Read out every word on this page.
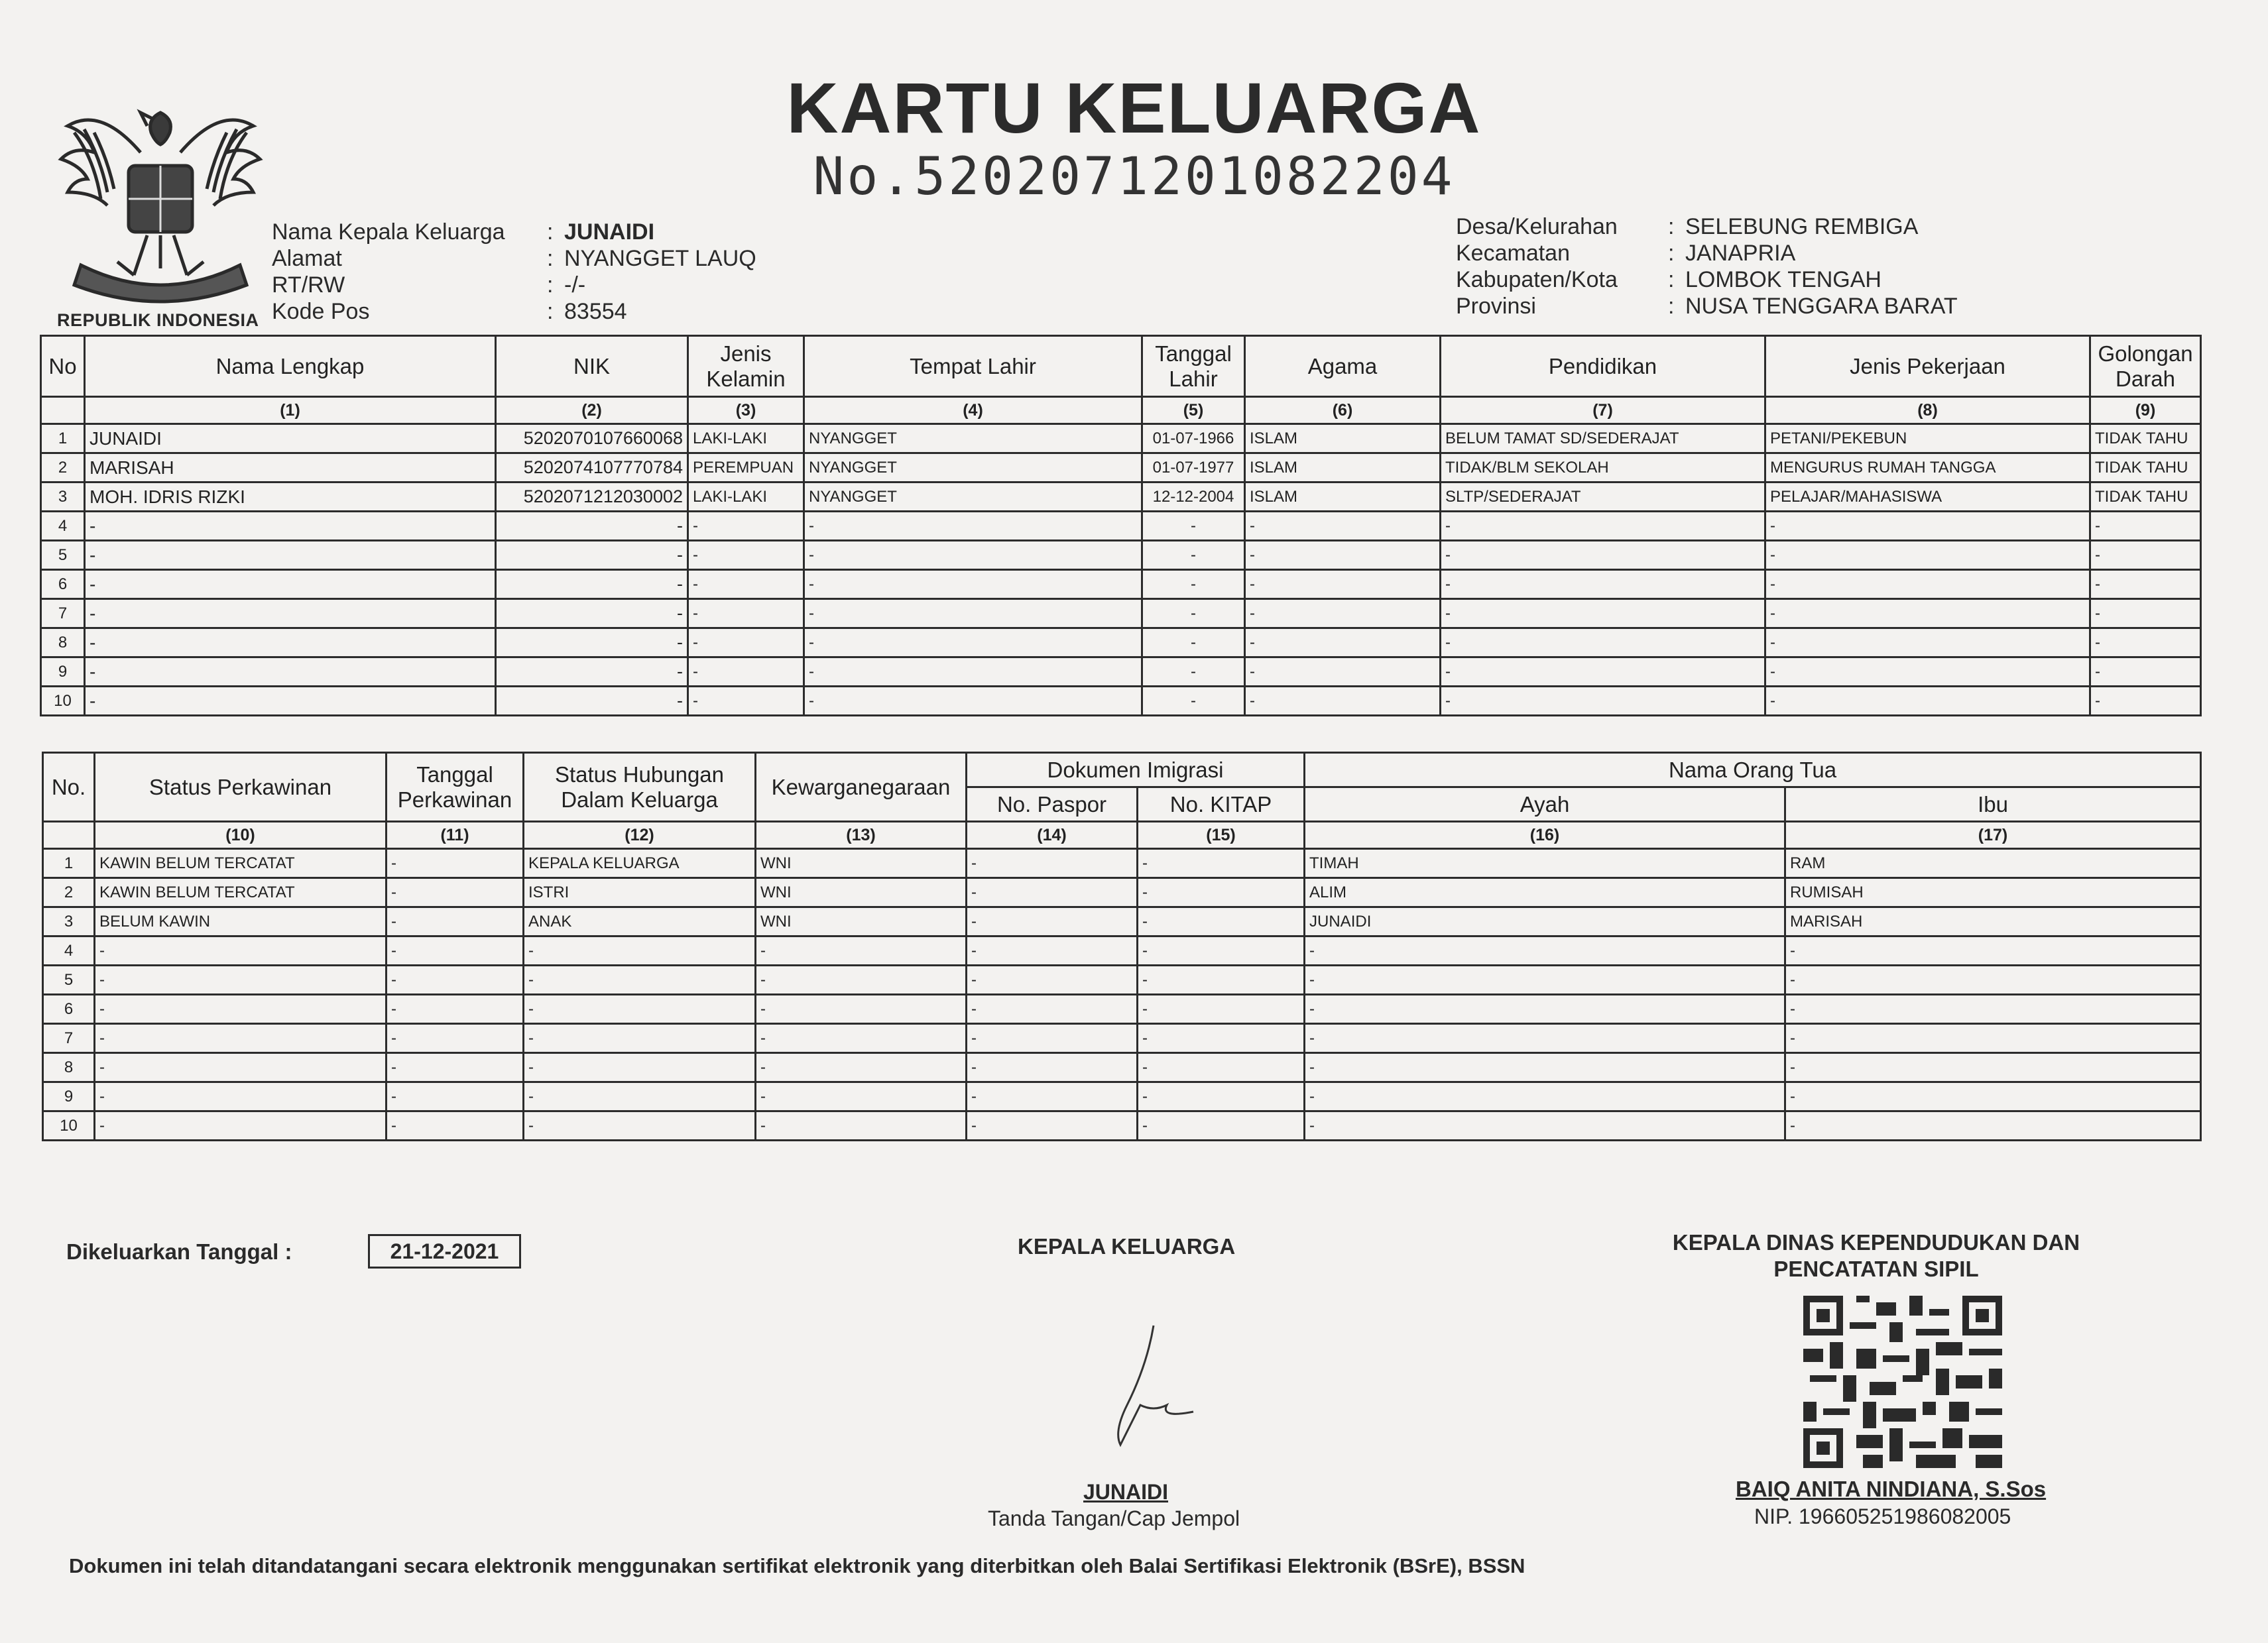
REPUBLIK INDONESIA
KARTU KELUARGA
No.5202071201082204
Nama Kepala Keluarga	: JUNAIDI
Alamat	: NYANGGET LAUQ
RT/RW	: -/-
Kode Pos	: 83554
Desa/Kelurahan	: SELEBUNG REMBIGA
Kecamatan	: JANAPRIA
Kabupaten/Kota	: LOMBOK TENGAH
Provinsi	: NUSA TENGGARA BARAT
No	Nama Lengkap	NIK	Jenis Kelamin	Tempat Lahir	Tanggal Lahir	Agama	Pendidikan	Jenis Pekerjaan	Golongan Darah
	(1)	(2)	(3)	(4)	(5)	(6)	(7)	(8)	(9)
1	JUNAIDI	5202070107660068	LAKI-LAKI	NYANGGET	01-07-1966	ISLAM	BELUM TAMAT SD/SEDERAJAT	PETANI/PEKEBUN	TIDAK TAHU
2	MARISAH	5202074107770784	PEREMPUAN	NYANGGET	01-07-1977	ISLAM	TIDAK/BLM SEKOLAH	MENGURUS RUMAH TANGGA	TIDAK TAHU
3	MOH. IDRIS RIZKI	5202071212030002	LAKI-LAKI	NYANGGET	12-12-2004	ISLAM	SLTP/SEDERAJAT	PELAJAR/MAHASISWA	TIDAK TAHU
4	-	-	-	-	-	-	-	-	-
5	-	-	-	-	-	-	-	-	-
6	-	-	-	-	-	-	-	-	-
7	-	-	-	-	-	-	-	-	-
8	-	-	-	-	-	-	-	-	-
9	-	-	-	-	-	-	-	-	-
10	-	-	-	-	-	-	-	-	-
No.	Status Perkawinan	Tanggal Perkawinan	Status Hubungan Dalam Keluarga	Kewarganegaraan	Dokumen Imigrasi		Nama Orang Tua	
					No. Paspor	No. KITAP	Ayah	Ibu
	(10)	(11)	(12)	(13)	(14)	(15)	(16)	(17)
1	KAWIN BELUM TERCATAT	-	KEPALA KELUARGA	WNI	-	-	TIMAH	RAM
2	KAWIN BELUM TERCATAT	-	ISTRI	WNI	-	-	ALIM	RUMISAH
3	BELUM KAWIN	-	ANAK	WNI	-	-	JUNAIDI	MARISAH
4	-	-	-	-	-	-	-	-
5	-	-	-	-	-	-	-	-
6	-	-	-	-	-	-	-	-
7	-	-	-	-	-	-	-	-
8	-	-	-	-	-	-	-	-
9	-	-	-	-	-	-	-	-
10	-	-	-	-	-	-	-	-
Dikeluarkan Tanggal :	21-12-2021	KEPALA KELUARGA
JUNAIDI
Tanda Tangan/Cap Jempol
KEPALA DINAS KEPENDUDUKAN DAN
PENCATATAN SIPIL
BAIQ ANITA NINDIANA, S.Sos
NIP. 196605251986082005
Dokumen ini telah ditandatangani secara elektronik menggunakan sertifikat elektronik yang diterbitkan oleh Balai Sertifikasi Elektronik (BSrE), BSSN
